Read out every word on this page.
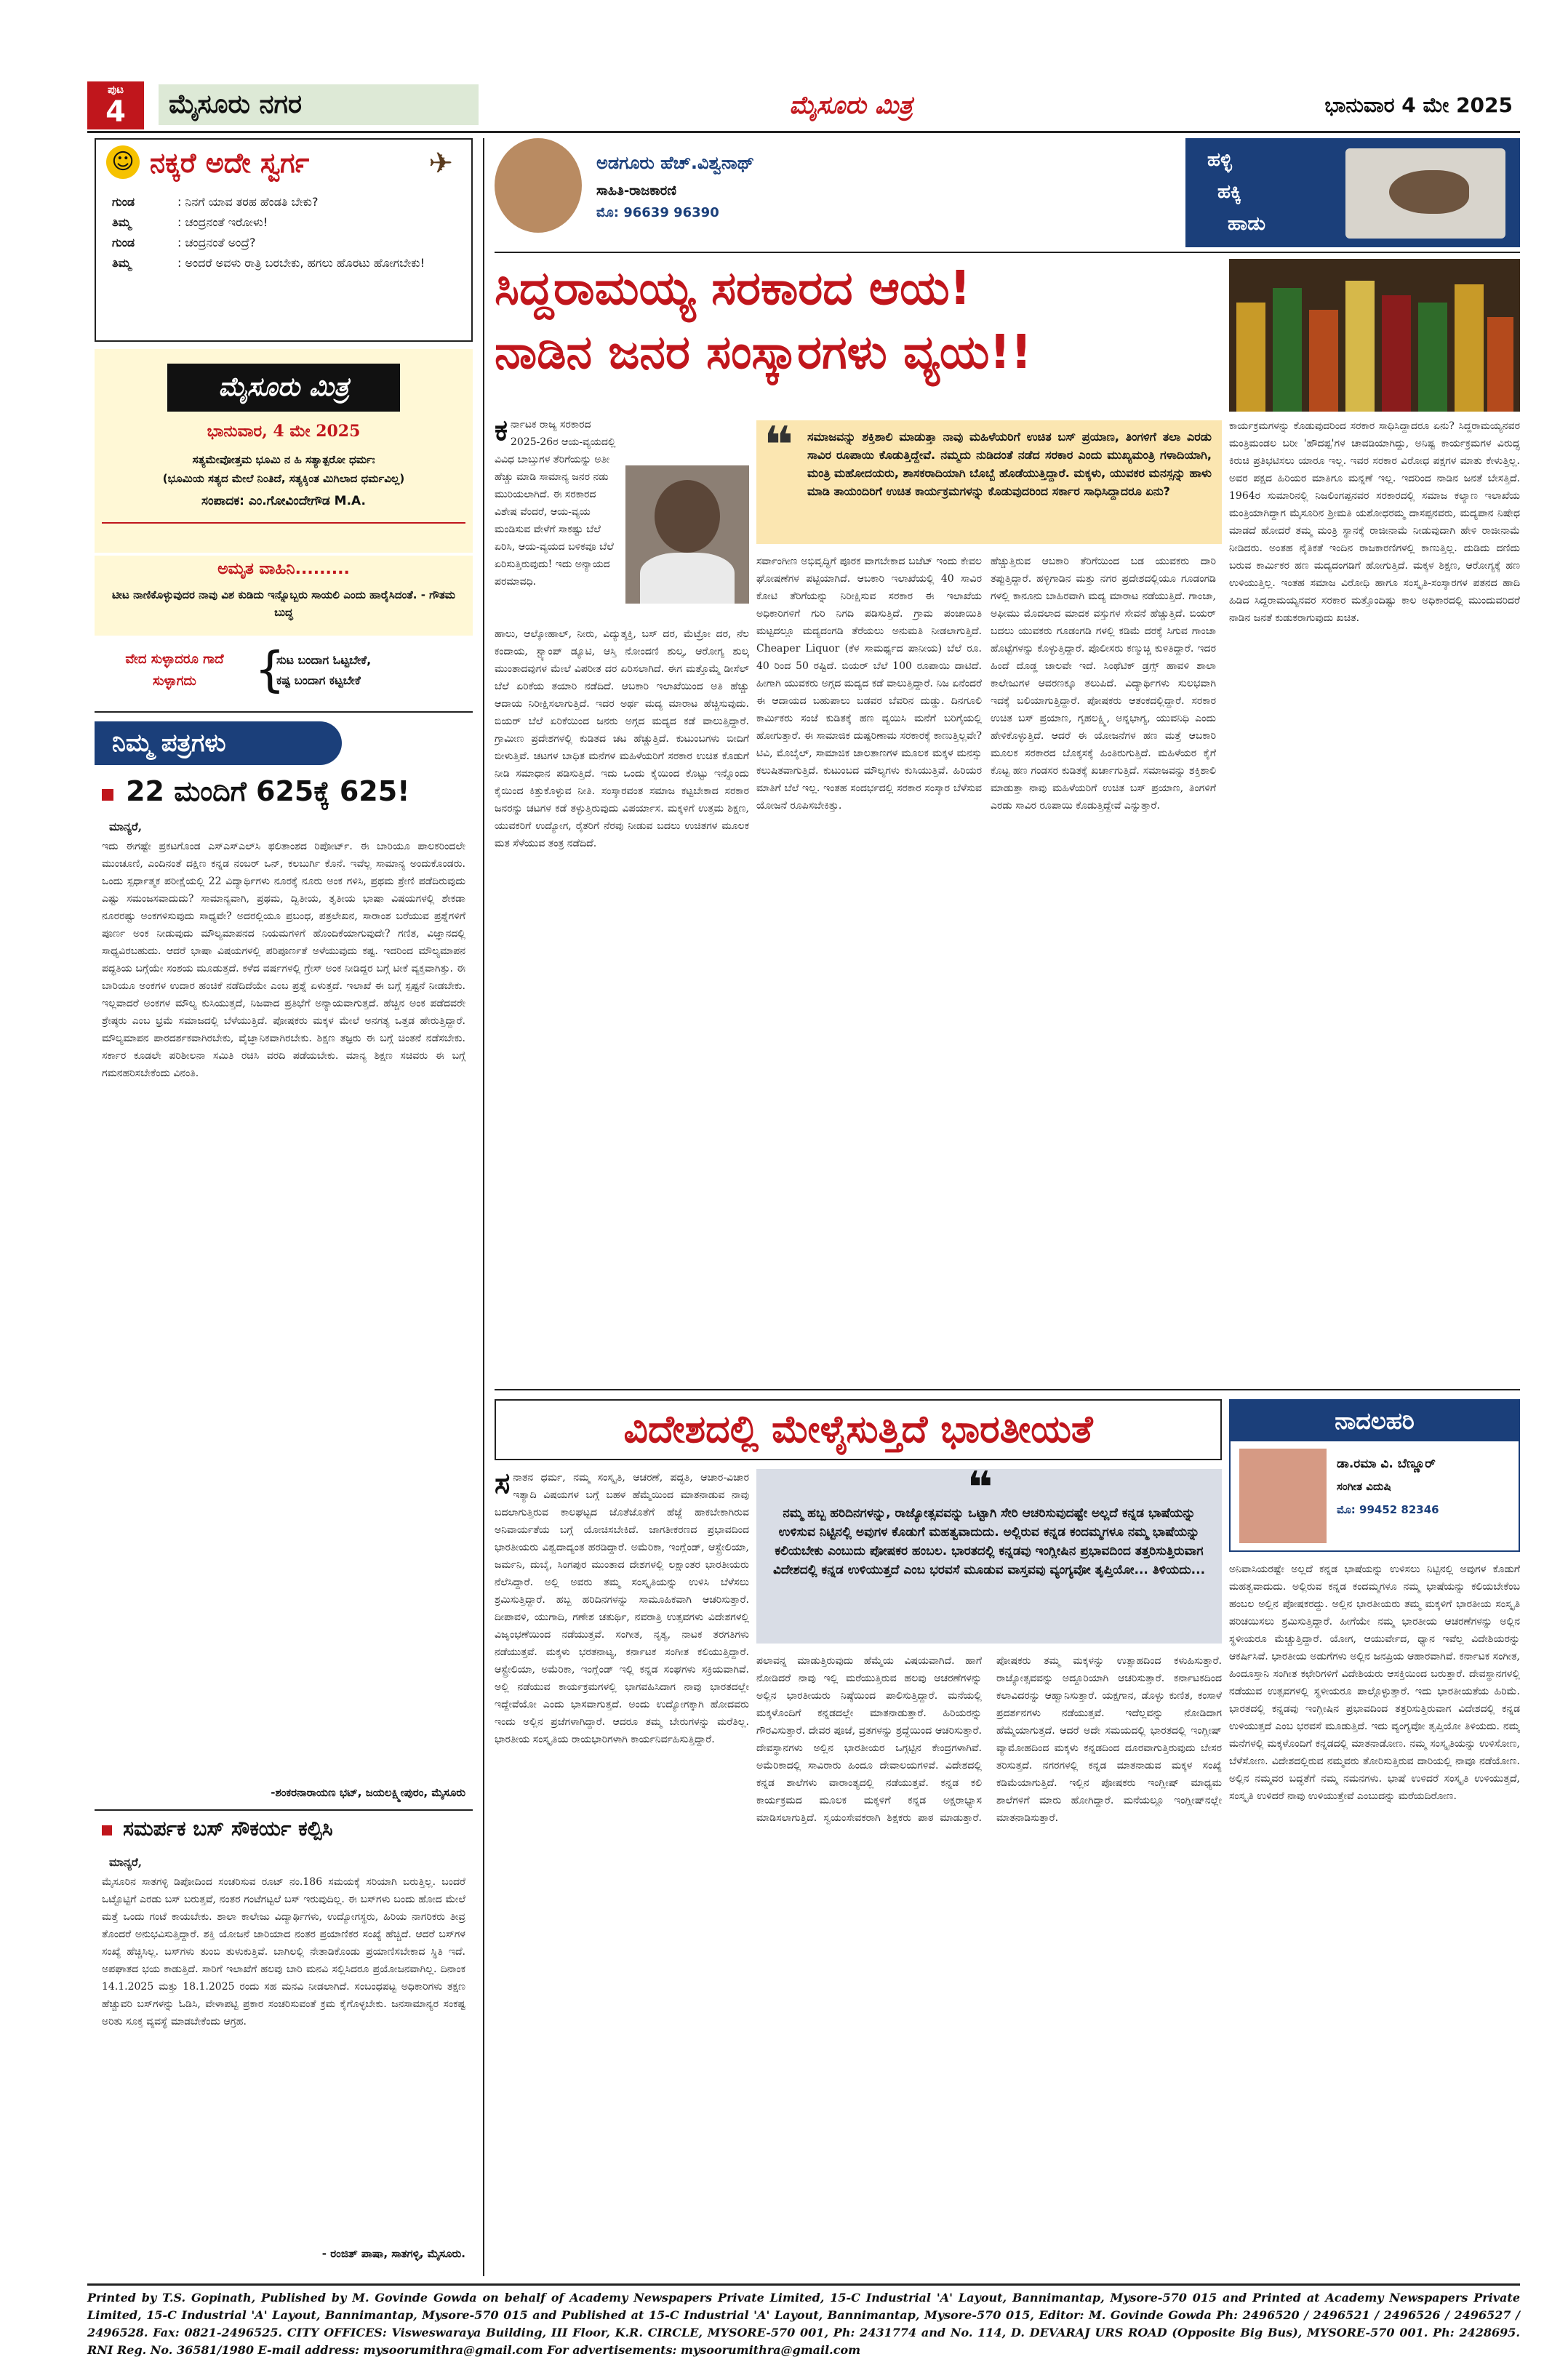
ಪುಟ
4	ಮೈಸೂರು ನಗರ	ಮೈಸೂರು ಮಿತ್ರ	ಭಾನುವಾರ 4 ಮೇ 2025
☺ ನಕ್ಕರೆ ಅದೇ ಸ್ವರ್ಗ	✈
ಗುಂಡ	: ನಿನಗೆ ಯಾವ ತರಹ ಹೆಂಡತಿ ಬೇಕು?
ತಿಮ್ಮ	: ಚಂದ್ರನಂತೆ ಇರೋಳು!
ಗುಂಡ	: ಚಂದ್ರನಂತೆ ಅಂದ್ರೆ?
ತಿಮ್ಮ	: ಅಂದರೆ ಅವಳು ರಾತ್ರಿ ಬರಬೇಕು, ಹಗಲು ಹೊರಟು ಹೋಗಬೇಕು!
ಮೈಸೂರು ಮಿತ್ರ
ಭಾನುವಾರ, 4 ಮೇ 2025
ಸತ್ಯಮೇವೋತ್ತಮ ಭೂಮಿ ನ ಹಿ ಸತ್ಯಾತ್ಪರೋ ಧರ್ಮಃ
(ಭೂಮಿಯ ಸತ್ಯದ ಮೇಲೆ ನಿಂತಿದೆ, ಸತ್ಯಕ್ಕಿಂತ ಮಿಗಿಲಾದ ಧರ್ಮವಿಲ್ಲ)
ಸಂಪಾದಕ: ಎಂ.ಗೋವಿಂದೇಗೌಡ M.A.
ಅಮೃತ ವಾಹಿನಿ.........
ಟೀಟ ನಾಣಿಕೊಳ್ಳುವುದರ ನಾವು ವಿಶ ಕುಡಿದು ಇನ್ನೊಬ್ಬರು ಸಾಯಲಿ ಎಂದು ಹಾರೈಸಿದಂತೆ. - ಗೌತಮ ಬುದ್ಧ
ವೇದ ಸುಳ್ಳಾದರೂ ಗಾದೆ ಸುಳ್ಳಾಗದು	{
ಸುಟ ಬಂದಾಗ ಓಟ್ಟಬೇಕೆ,
ಕಷ್ಟ ಬಂದಾಗ ಕಟ್ಟಬೇಕೆ
ನಿಮ್ಮ ಪತ್ರಗಳು
22 ಮಂದಿಗೆ 625ಕ್ಕೆ 625!
ಮಾನ್ಯರೆ,
ಇದು ಈಗಷ್ಟೇ ಪ್ರಕಟಗೊಂಡ ಎಸ್‌ಎಸ್‌ಎಲ್‌ಸಿ ಫಲಿತಾಂಶದ ರಿಪೋರ್ಟ್. ಈ ಬಾರಿಯೂ ಪಾಲಕರಿಂದಲೇ ಮುಂಚೂಣಿ, ಎಂದಿನಂತೆ ದಕ್ಷಿಣ ಕನ್ನಡ ನಂಬರ್ ಒನ್, ಕಲಬುರ್ಗಿ ಕೊನೆ. ಇವೆಲ್ಲ ಸಾಮಾನ್ಯ ಅಂದುಕೊಂಡರು. ಒಂದು ಸ್ಪರ್ಧಾತ್ಮಕ ಪರೀಕ್ಷೆಯಲ್ಲಿ 22 ವಿದ್ಯಾರ್ಥಿಗಳು ನೂರಕ್ಕೆ ನೂರು ಅಂಕ ಗಳಿಸಿ, ಪ್ರಥಮ ಶ್ರೇಣಿ ಪಡೆದಿರುವುದು ಎಷ್ಟು ಸಮಂಜಸವಾದುದು? ಸಾಮಾನ್ಯವಾಗಿ, ಪ್ರಥಮ, ದ್ವಿತೀಯ, ತೃತೀಯ ಭಾಷಾ ವಿಷಯಗಳಲ್ಲಿ ಶೇಕಡಾ ನೂರರಷ್ಟು ಅಂಕಗಳಿಸುವುದು ಸಾಧ್ಯವೇ? ಅದರಲ್ಲಿಯೂ ಪ್ರಬಂಧ, ಪತ್ರಲೇಖನ, ಸಾರಾಂಶ ಬರೆಯುವ ಪ್ರಶ್ನೆಗಳಿಗೆ ಪೂರ್ಣ ಅಂಕ ನೀಡುವುದು ಮೌಲ್ಯಮಾಪನದ ನಿಯಮಗಳಿಗೆ ಹೊಂದಿಕೆಯಾಗುವುದೇ? ಗಣಿತ, ವಿಜ್ಞಾನದಲ್ಲಿ ಸಾಧ್ಯವಿರಬಹುದು. ಆದರೆ ಭಾಷಾ ವಿಷಯಗಳಲ್ಲಿ ಪರಿಪೂರ್ಣತೆ ಅಳೆಯುವುದು ಕಷ್ಟ. ಇದರಿಂದ ಮೌಲ್ಯಮಾಪನ ಪದ್ಧತಿಯ ಬಗ್ಗೆಯೇ ಸಂಶಯ ಮೂಡುತ್ತದೆ. ಕಳೆದ ವರ್ಷಗಳಲ್ಲಿ ಗ್ರೇಸ್ ಅಂಕ ನೀಡಿದ್ದರ ಬಗ್ಗೆ ಟೀಕೆ ವ್ಯಕ್ತವಾಗಿತ್ತು. ಈ ಬಾರಿಯೂ ಅಂಕಗಳ ಉದಾರ ಹಂಚಿಕೆ ನಡೆದಿದೆಯೇ ಎಂಬ ಪ್ರಶ್ನೆ ಏಳುತ್ತದೆ. ಇಲಾಖೆ ಈ ಬಗ್ಗೆ ಸ್ಪಷ್ಟನೆ ನೀಡಬೇಕು. ಇಲ್ಲವಾದರೆ ಅಂಕಗಳ ಮೌಲ್ಯ ಕುಸಿಯುತ್ತದೆ, ನಿಜವಾದ ಪ್ರತಿಭೆಗೆ ಅನ್ಯಾಯವಾಗುತ್ತದೆ. ಹೆಚ್ಚಿನ ಅಂಕ ಪಡೆದವರೇ ಶ್ರೇಷ್ಠರು ಎಂಬ ಭ್ರಮೆ ಸಮಾಜದಲ್ಲಿ ಬೆಳೆಯುತ್ತಿದೆ. ಪೋಷಕರು ಮಕ್ಕಳ ಮೇಲೆ ಅನಗತ್ಯ ಒತ್ತಡ ಹೇರುತ್ತಿದ್ದಾರೆ. ಮೌಲ್ಯಮಾಪನ ಪಾರದರ್ಶಕವಾಗಿರಬೇಕು, ವೈಜ್ಞಾನಿಕವಾಗಿರಬೇಕು. ಶಿಕ್ಷಣ ತಜ್ಞರು ಈ ಬಗ್ಗೆ ಚಿಂತನೆ ನಡೆಸಬೇಕು. ಸರ್ಕಾರ ಕೂಡಲೇ ಪರಿಶೀಲನಾ ಸಮಿತಿ ರಚಿಸಿ ವರದಿ ಪಡೆಯಬೇಕು. ಮಾನ್ಯ ಶಿಕ್ಷಣ ಸಚಿವರು ಈ ಬಗ್ಗೆ ಗಮನಹರಿಸಬೇಕೆಂದು ವಿನಂತಿ.
-ಶಂಕರನಾರಾಯಣ ಭಟ್, ಜಯಲಕ್ಷ್ಮೀಪುರಂ, ಮೈಸೂರು
ಸಮರ್ಪಕ ಬಸ್ ಸೌಕರ್ಯ ಕಲ್ಪಿಸಿ
ಮಾನ್ಯರೆ,
ಮೈಸೂರಿನ ಸಾತಗಳ್ಳಿ ಡಿಪೋದಿಂದ ಸಂಚರಿಸುವ ರೂಟ್ ನಂ.186 ಸಮಯಕ್ಕೆ ಸರಿಯಾಗಿ ಬರುತ್ತಿಲ್ಲ. ಬಂದರೆ ಒಟ್ಟೊಟ್ಟಿಗೆ ಎರಡು ಬಸ್ ಬರುತ್ತವೆ, ನಂತರ ಗಂಟೆಗಟ್ಟಲೆ ಬಸ್ ಇರುವುದಿಲ್ಲ. ಈ ಬಸ್‌ಗಳು ಬಂದು ಹೋದ ಮೇಲೆ ಮತ್ತೆ ಒಂದು ಗಂಟೆ ಕಾಯಬೇಕು. ಶಾಲಾ ಕಾಲೇಜು ವಿದ್ಯಾರ್ಥಿಗಳು, ಉದ್ಯೋಗಸ್ಥರು, ಹಿರಿಯ ನಾಗರಿಕರು ತೀವ್ರ ತೊಂದರೆ ಅನುಭವಿಸುತ್ತಿದ್ದಾರೆ. ಶಕ್ತಿ ಯೋಜನೆ ಜಾರಿಯಾದ ನಂತರ ಪ್ರಯಾಣಿಕರ ಸಂಖ್ಯೆ ಹೆಚ್ಚಿದೆ. ಆದರೆ ಬಸ್‌ಗಳ ಸಂಖ್ಯೆ ಹೆಚ್ಚಿಸಿಲ್ಲ. ಬಸ್‌ಗಳು ತುಂಬಿ ತುಳುಕುತ್ತಿವೆ. ಬಾಗಿಲಲ್ಲಿ ನೇತಾಡಿಕೊಂಡು ಪ್ರಯಾಣಿಸಬೇಕಾದ ಸ್ಥಿತಿ ಇದೆ. ಅಪಘಾತದ ಭಯ ಕಾಡುತ್ತಿದೆ. ಸಾರಿಗೆ ಇಲಾಖೆಗೆ ಹಲವು ಬಾರಿ ಮನವಿ ಸಲ್ಲಿಸಿದರೂ ಪ್ರಯೋಜನವಾಗಿಲ್ಲ. ದಿನಾಂಕ 14.1.2025 ಮತ್ತು 18.1.2025 ರಂದು ಸಹ ಮನವಿ ನೀಡಲಾಗಿದೆ. ಸಂಬಂಧಪಟ್ಟ ಅಧಿಕಾರಿಗಳು ತಕ್ಷಣ ಹೆಚ್ಚುವರಿ ಬಸ್‌ಗಳನ್ನು ಓಡಿಸಿ, ವೇಳಾಪಟ್ಟಿ ಪ್ರಕಾರ ಸಂಚರಿಸುವಂತೆ ಕ್ರಮ ಕೈಗೊಳ್ಳಬೇಕು. ಜನಸಾಮಾನ್ಯರ ಸಂಕಷ್ಟ ಅರಿತು ಸೂಕ್ತ ವ್ಯವಸ್ಥೆ ಮಾಡಬೇಕೆಂದು ಆಗ್ರಹ.
- ರಂಜಿತ್ ಪಾಷಾ, ಸಾತಗಳ್ಳಿ, ಮೈಸೂರು.
ಅಡಗೂರು ಹೆಚ್.ವಿಶ್ವನಾಥ್
ಸಾಹಿತಿ-ರಾಜಕಾರಣಿ
ಮೊ: 96639 96390
ಹಳ್ಳಿ
ಹಕ್ಕಿ
ಹಾಡು
ಸಿದ್ದರಾಮಯ್ಯ ಸರಕಾರದ ಆಯ!
ನಾಡಿನ ಜನರ ಸಂಸ್ಕಾರಗಳು ವ್ಯಯ!!
❝ ಸಮಾಜವನ್ನು ಶಕ್ತಿಶಾಲಿ ಮಾಡುತ್ತಾ ನಾವು ಮಹಿಳೆಯರಿಗೆ ಉಚಿತ ಬಸ್ ಪ್ರಯಾಣ, ತಿಂಗಳಿಗೆ ತಲಾ ಎರಡು ಸಾವಿರ ರೂಪಾಯಿ ಕೊಡುತ್ತಿದ್ದೇವೆ. ನಮ್ಮದು ನುಡಿದಂತೆ ನಡೆದ ಸರಕಾರ ಎಂದು ಮುಖ್ಯಮಂತ್ರಿ ಗಳಾದಿಯಾಗಿ, ಮಂತ್ರಿ ಮಹೋದಯರು, ಶಾಸಕರಾದಿಯಾಗಿ ಬೊಬ್ಬೆ ಹೊಡೆಯುತ್ತಿದ್ದಾರೆ. ಮಕ್ಕಳು, ಯುವಕರ ಮನಸ್ಸನ್ನು ಹಾಳು ಮಾಡಿ ತಾಯಂದಿರಿಗೆ ಉಚಿತ ಕಾರ್ಯಕ್ರಮಗಳನ್ನು ಕೊಡುವುದರಿಂದ ಸರ್ಕಾರ ಸಾಧಿಸಿದ್ದಾದರೂ ಏನು?
ಕರ್ನಾಟಕ ರಾಜ್ಯ ಸರಕಾರದ 2025-26ರ ಆಯ-ವ್ಯಯದಲ್ಲಿ ವಿವಿಧ ಬಾಬ್ತುಗಳ ತೆರಿಗೆಯನ್ನು ಅತೀ ಹೆಚ್ಚು ಮಾಡಿ ಸಾಮಾನ್ಯ ಜನರ ನಡು ಮುರಿಯಲಾಗಿದೆ. ಈ ಸರಕಾರದ ವಿಶೇಷ ವೆಂದರೆ, ಆಯ-ವ್ಯಯ ಮಂಡಿಸುವ ವೇಳೆಗೆ ಸಾಕಷ್ಟು ಬೆಲೆ ಏರಿಸಿ, ಆಯ-ವ್ಯಯದ ಬಳಿಕವೂ ಬೆಲೆ ಏರಿಸುತ್ತಿರುವುದು! ಇದು ಅನ್ಯಾಯದ ಪರಮಾವಧಿ.
ಹಾಲು, ಆಲ್ಕೋಹಾಲ್, ನೀರು, ವಿದ್ಯುತ್ಶಕ್ತಿ, ಬಸ್ ದರ, ಮೆಟ್ರೋ ದರ, ನೆಲ ಕಂದಾಯ, ಸ್ಟ್ಯಾಂಪ್ ಡ್ಯೂಟಿ, ಆಸ್ತಿ ನೋಂದಣಿ ಶುಲ್ಕ, ಆರೋಗ್ಯ ಶುಲ್ಕ ಮುಂತಾದವುಗಳ ಮೇಲೆ ವಿಪರೀತ ದರ ಏರಿಸಲಾಗಿದೆ. ಈಗ ಮತ್ತೊಮ್ಮೆ ಡೀಸೆಲ್ ಬೆಲೆ ಏರಿಕೆಯ ತಯಾರಿ ನಡೆದಿದೆ. ಆಬಕಾರಿ ಇಲಾಖೆಯಿಂದ ಅತಿ ಹೆಚ್ಚು ಆದಾಯ ನಿರೀಕ್ಷಿಸಲಾಗುತ್ತಿದೆ. ಇದರ ಅರ್ಥ ಮದ್ಯ ಮಾರಾಟ ಹೆಚ್ಚಿಸುವುದು. ಬಿಯರ್ ಬೆಲೆ ಏರಿಕೆಯಿಂದ ಜನರು ಅಗ್ಗದ ಮದ್ಯದ ಕಡೆ ವಾಲುತ್ತಿದ್ದಾರೆ. ಗ್ರಾಮೀಣ ಪ್ರದೇಶಗಳಲ್ಲಿ ಕುಡಿತದ ಚಟ ಹೆಚ್ಚುತ್ತಿದೆ. ಕುಟುಂಬಗಳು ಬೀದಿಗೆ ಬೀಳುತ್ತಿವೆ. ಚಟಗಳ ಬಾಧಿತ ಮನೆಗಳ ಮಹಿಳೆಯರಿಗೆ ಸರಕಾರ ಉಚಿತ ಕೊಡುಗೆ ನೀಡಿ ಸಮಾಧಾನ ಪಡಿಸುತ್ತಿದೆ. ಇದು ಒಂದು ಕೈಯಿಂದ ಕೊಟ್ಟು ಇನ್ನೊಂದು ಕೈಯಿಂದ ಕಿತ್ತುಕೊಳ್ಳುವ ನೀತಿ. ಸಂಸ್ಕಾರವಂತ ಸಮಾಜ ಕಟ್ಟಬೇಕಾದ ಸರಕಾರ ಜನರನ್ನು ಚಟಗಳ ಕಡೆ ತಳ್ಳುತ್ತಿರುವುದು ವಿಪರ್ಯಾಸ. ಮಕ್ಕಳಿಗೆ ಉತ್ತಮ ಶಿಕ್ಷಣ, ಯುವಕರಿಗೆ ಉದ್ಯೋಗ, ರೈತರಿಗೆ ನೆರವು ನೀಡುವ ಬದಲು ಉಚಿತಗಳ ಮೂಲಕ ಮತ ಸೆಳೆಯುವ ತಂತ್ರ ನಡೆದಿದೆ.
ಸರ್ವಾಂಗೀಣ ಅಭಿವೃದ್ಧಿಗೆ ಪೂರಕ ವಾಗಬೇಕಾದ ಬಜೆಟ್ ಇಂದು ಕೇವಲ ಘೋಷಣೆಗಳ ಪಟ್ಟಿಯಾಗಿದೆ. ಆಬಕಾರಿ ಇಲಾಖೆಯಲ್ಲಿ 40 ಸಾವಿರ ಕೋಟಿ ತೆರಿಗೆಯನ್ನು ನಿರೀಕ್ಷಿಸುವ ಸರಕಾರ ಈ ಇಲಾಖೆಯ ಅಧಿಕಾರಿಗಳಿಗೆ ಗುರಿ ನಿಗದಿ ಪಡಿಸುತ್ತಿದೆ. ಗ್ರಾಮ ಪಂಚಾಯಿತಿ ಮಟ್ಟದಲ್ಲೂ ಮದ್ಯದಂಗಡಿ ತೆರೆಯಲು ಅನುಮತಿ ನೀಡಲಾಗುತ್ತಿದೆ. Cheaper Liquor (ಕೆಳ ಸಾಮರ್ಥ್ಯದ ಪಾನೀಯ) ಬೆಲೆ ರೂ. 40 ರಿಂದ 50 ರಷ್ಟಿದೆ. ಬಿಯರ್ ಬೆಲೆ 100 ರೂಪಾಯಿ ದಾಟಿದೆ. ಹೀಗಾಗಿ ಯುವಕರು ಅಗ್ಗದ ಮದ್ಯದ ಕಡೆ ವಾಲುತ್ತಿದ್ದಾರೆ. ನಿಜ ಏನೆಂದರೆ ಈ ಆದಾಯದ ಬಹುಪಾಲು ಬಡವರ ಬೆವರಿನ ದುಡ್ಡು. ದಿನಗೂಲಿ ಕಾರ್ಮಿಕರು ಸಂಜೆ ಕುಡಿತಕ್ಕೆ ಹಣ ವ್ಯಯಿಸಿ ಮನೆಗೆ ಬರಿಗೈಯಲ್ಲಿ ಹೋಗುತ್ತಾರೆ. ಈ ಸಾಮಾಜಿಕ ದುಷ್ಪರಿಣಾಮ ಸರಕಾರಕ್ಕೆ ಕಾಣುತ್ತಿಲ್ಲವೇ? ಟಿವಿ, ಮೊಬೈಲ್, ಸಾಮಾಜಿಕ ಜಾಲತಾಣಗಳ ಮೂಲಕ ಮಕ್ಕಳ ಮನಸ್ಸು ಕಲುಷಿತವಾಗುತ್ತಿದೆ. ಕುಟುಂಬದ ಮೌಲ್ಯಗಳು ಕುಸಿಯುತ್ತಿವೆ. ಹಿರಿಯರ ಮಾತಿಗೆ ಬೆಲೆ ಇಲ್ಲ. ಇಂತಹ ಸಂದರ್ಭದಲ್ಲಿ ಸರಕಾರ ಸಂಸ್ಕಾರ ಬೆಳೆಸುವ ಯೋಜನೆ ರೂಪಿಸಬೇಕಿತ್ತು.
ಹೆಚ್ಚುತ್ತಿರುವ ಆಬಕಾರಿ ತೆರಿಗೆಯಿಂದ ಬಡ ಯುವಕರು ದಾರಿ ತಪ್ಪುತ್ತಿದ್ದಾರೆ. ಹಳ್ಳಿಗಾಡಿನ ಮತ್ತು ನಗರ ಪ್ರದೇಶದಲ್ಲಿಯೂ ಗೂಡಂಗಡಿ ಗಳಲ್ಲಿ ಕಾನೂನು ಬಾಹಿರವಾಗಿ ಮದ್ಯ ಮಾರಾಟ ನಡೆಯುತ್ತಿದೆ. ಗಾಂಜಾ, ಅಫೀಮು ಮೊದಲಾದ ಮಾದಕ ವಸ್ತುಗಳ ಸೇವನೆ ಹೆಚ್ಚುತ್ತಿದೆ. ಬಿಯರ್ ಬದಲು ಯುವಕರು ಗೂಡಂಗಡಿ ಗಳಲ್ಲಿ ಕಡಿಮೆ ದರಕ್ಕೆ ಸಿಗುವ ಗಾಂಜಾ ಹೊಟ್ಟೆಗಳನ್ನು ಕೊಳ್ಳುತ್ತಿದ್ದಾರೆ. ಪೊಲೀಸರು ಕಣ್ಮುಚ್ಚಿ ಕುಳಿತಿದ್ದಾರೆ. ಇದರ ಹಿಂದೆ ದೊಡ್ಡ ಜಾಲವೇ ಇದೆ. ಸಿಂಥೆಟಿಕ್ ಡ್ರಗ್ಸ್ ಹಾವಳಿ ಶಾಲಾ ಕಾಲೇಜುಗಳ ಆವರಣಕ್ಕೂ ತಲುಪಿದೆ. ವಿದ್ಯಾರ್ಥಿಗಳು ಸುಲಭವಾಗಿ ಇದಕ್ಕೆ ಬಲಿಯಾಗುತ್ತಿದ್ದಾರೆ. ಪೋಷಕರು ಆತಂಕದಲ್ಲಿದ್ದಾರೆ. ಸರಕಾರ ಉಚಿತ ಬಸ್ ಪ್ರಯಾಣ, ಗೃಹಲಕ್ಷ್ಮಿ, ಅನ್ನಭಾಗ್ಯ, ಯುವನಿಧಿ ಎಂದು ಹೇಳಿಕೊಳ್ಳುತ್ತಿದೆ. ಆದರೆ ಈ ಯೋಜನೆಗಳ ಹಣ ಮತ್ತೆ ಆಬಕಾರಿ ಮೂಲಕ ಸರಕಾರದ ಬೊಕ್ಕಸಕ್ಕೆ ಹಿಂತಿರುಗುತ್ತಿದೆ. ಮಹಿಳೆಯರ ಕೈಗೆ ಕೊಟ್ಟ ಹಣ ಗಂಡಸರ ಕುಡಿತಕ್ಕೆ ಖರ್ಚಾಗುತ್ತಿದೆ. ಸಮಾಜವನ್ನು ಶಕ್ತಿಶಾಲಿ ಮಾಡುತ್ತಾ ನಾವು ಮಹಿಳೆಯರಿಗೆ ಉಚಿತ ಬಸ್ ಪ್ರಯಾಣ, ತಿಂಗಳಿಗೆ ಎರಡು ಸಾವಿರ ರೂಪಾಯಿ ಕೊಡುತ್ತಿದ್ದೇವೆ ಎನ್ನುತ್ತಾರೆ.
ಕಾರ್ಯಕ್ರಮಗಳನ್ನು ಕೊಡುವುದರಿಂದ ಸರಕಾರ ಸಾಧಿಸಿದ್ದಾದರೂ ಏನು? ಸಿದ್ದರಾಮಯ್ಯನವರ ಮಂತ್ರಿಮಂಡಲ ಬರೀ 'ಹೌದಪ್ಪ'ಗಳ ಚಾವಡಿಯಾಗಿದ್ದು, ಅನಿಷ್ಟ ಕಾರ್ಯಕ್ರಮಗಳ ವಿರುದ್ಧ ಕಿರುಚಿ ಪ್ರತಿಭಟಿಸಲು ಯಾರೂ ಇಲ್ಲ. ಇವರ ಸರಕಾರ ವಿರೋಧ ಪಕ್ಷಗಳ ಮಾತು ಕೇಳುತ್ತಿಲ್ಲ. ಅವರ ಪಕ್ಷದ ಹಿರಿಯರ ಮಾತಿಗೂ ಮನ್ನಣೆ ಇಲ್ಲ. ಇದರಿಂದ ನಾಡಿನ ಜನತೆ ಬೇಸತ್ತಿದೆ. 1964ರ ಸುಮಾರಿನಲ್ಲಿ ನಿಜಲಿಂಗಪ್ಪನವರ ಸರಕಾರದಲ್ಲಿ ಸಮಾಜ ಕಲ್ಯಾಣ ಇಲಾಖೆಯ ಮಂತ್ರಿಯಾಗಿದ್ದಾಗ ಮೈಸೂರಿನ ಶ್ರೀಮತಿ ಯಶೋಧರಮ್ಮ ದಾಸಪ್ಪನವರು, ಮದ್ಯಪಾನ ನಿಷೇಧ ಮಾಡದೆ ಹೋದರೆ ತಮ್ಮ ಮಂತ್ರಿ ಸ್ಥಾನಕ್ಕೆ ರಾಜೀನಾಮೆ ನೀಡುವುದಾಗಿ ಹೇಳಿ ರಾಜೀನಾಮೆ ನೀಡಿದರು. ಅಂತಹ ನೈತಿಕತೆ ಇಂದಿನ ರಾಜಕಾರಣಿಗಳಲ್ಲಿ ಕಾಣುತ್ತಿಲ್ಲ. ದುಡಿದು ದಣಿದು ಬರುವ ಕಾರ್ಮಿಕರ ಹಣ ಮದ್ಯದಂಗಡಿಗೆ ಹೋಗುತ್ತಿದೆ. ಮಕ್ಕಳ ಶಿಕ್ಷಣ, ಆರೋಗ್ಯಕ್ಕೆ ಹಣ ಉಳಿಯುತ್ತಿಲ್ಲ. ಇಂತಹ ಸಮಾಜ ವಿರೋಧಿ ಹಾಗೂ ಸಂಸ್ಕೃತಿ-ಸಂಸ್ಕಾರಗಳ ಪತನದ ಹಾದಿ ಹಿಡಿದ ಸಿದ್ದರಾಮಯ್ಯನವರ ಸರಕಾರ ಮತ್ತೊಂದಿಷ್ಟು ಕಾಲ ಅಧಿಕಾರದಲ್ಲಿ ಮುಂದುವರಿದರೆ ನಾಡಿನ ಜನತೆ ಕುಡುಕರಾಗುವುದು ಖಚಿತ.
ವಿದೇಶದಲ್ಲಿ ಮೇಳೈಸುತ್ತಿದೆ ಭಾರತೀಯತೆ	ನಾದಲಹರಿ
ಡಾ.ರಮಾ ವಿ. ಬೆಣ್ಣೂರ್
ಸಂಗೀತ ವಿದುಷಿ
ಮೊ: 99452 82346
❝
ನಮ್ಮ ಹಬ್ಬ ಹರಿದಿನಗಳನ್ನು, ರಾಜ್ಯೋತ್ಸವವನ್ನು ಒಟ್ಟಾಗಿ ಸೇರಿ ಆಚರಿಸುವುದಷ್ಟೇ ಅಲ್ಲದೆ ಕನ್ನಡ ಭಾಷೆಯನ್ನು ಉಳಿಸುವ ನಿಟ್ಟಿನಲ್ಲಿ ಅವುಗಳ ಕೊಡುಗೆ ಮಹತ್ವವಾದುದು. ಅಲ್ಲಿರುವ ಕನ್ನಡ ಕಂದಮ್ಮಗಳೂ ನಮ್ಮ ಭಾಷೆಯನ್ನು ಕಲಿಯಬೇಕು ಎಂಬುದು ಪೋಷಕರ ಹಂಬಲ. ಭಾರತದಲ್ಲಿ ಕನ್ನಡವು ಇಂಗ್ಲೀಷಿನ ಪ್ರಭಾವದಿಂದ ತತ್ತರಿಸುತ್ತಿರುವಾಗ ವಿದೇಶದಲ್ಲಿ ಕನ್ನಡ ಉಳಿಯುತ್ತದೆ ಎಂಬ ಭರವಸೆ ಮೂಡುವ ವಾಸ್ತವವು ವ್ಯಂಗ್ಯವೋ ತೃಪ್ತಿಯೋ... ತಿಳಿಯದು...
ಸನಾತನ ಧರ್ಮ, ನಮ್ಮ ಸಂಸ್ಕೃತಿ, ಆಚರಣೆ, ಪದ್ಧತಿ, ಆಚಾರ-ವಿಚಾರ ಇತ್ಯಾದಿ ವಿಷಯಗಳ ಬಗ್ಗೆ ಬಹಳ ಹೆಮ್ಮೆಯಿಂದ ಮಾತನಾಡುವ ನಾವು ಬದಲಾಗುತ್ತಿರುವ ಕಾಲಘಟ್ಟದ ಜೊತೆಜೊತೆಗೆ ಹೆಜ್ಜೆ ಹಾಕಬೇಕಾಗಿರುವ ಅನಿವಾರ್ಯತೆಯ ಬಗ್ಗೆ ಯೋಚಿಸಬೇಕಿದೆ. ಜಾಗತೀಕರಣದ ಪ್ರಭಾವದಿಂದ ಭಾರತೀಯರು ವಿಶ್ವದಾದ್ಯಂತ ಹರಡಿದ್ದಾರೆ. ಅಮೆರಿಕಾ, ಇಂಗ್ಲೆಂಡ್, ಆಸ್ಟ್ರೇಲಿಯಾ, ಜರ್ಮನಿ, ದುಬೈ, ಸಿಂಗಪುರ ಮುಂತಾದ ದೇಶಗಳಲ್ಲಿ ಲಕ್ಷಾಂತರ ಭಾರತೀಯರು ನೆಲೆಸಿದ್ದಾರೆ. ಅಲ್ಲಿ ಅವರು ತಮ್ಮ ಸಂಸ್ಕೃತಿಯನ್ನು ಉಳಿಸಿ ಬೆಳೆಸಲು ಶ್ರಮಿಸುತ್ತಿದ್ದಾರೆ. ಹಬ್ಬ ಹರಿದಿನಗಳನ್ನು ಸಾಮೂಹಿಕವಾಗಿ ಆಚರಿಸುತ್ತಾರೆ. ದೀಪಾವಳಿ, ಯುಗಾದಿ, ಗಣೇಶ ಚತುರ್ಥಿ, ನವರಾತ್ರಿ ಉತ್ಸವಗಳು ವಿದೇಶಗಳಲ್ಲಿ ವಿಜೃಂಭಣೆಯಿಂದ ನಡೆಯುತ್ತವೆ. ಸಂಗೀತ, ನೃತ್ಯ, ನಾಟಕ ತರಗತಿಗಳು ನಡೆಯುತ್ತವೆ. ಮಕ್ಕಳು ಭರತನಾಟ್ಯ, ಕರ್ನಾಟಕ ಸಂಗೀತ ಕಲಿಯುತ್ತಿದ್ದಾರೆ. ಆಸ್ಟ್ರೇಲಿಯಾ, ಅಮೆರಿಕಾ, ಇಂಗ್ಲೆಂಡ್ ಇಲ್ಲಿ ಕನ್ನಡ ಸಂಘಗಳು ಸಕ್ರಿಯವಾಗಿವೆ. ಅಲ್ಲಿ ನಡೆಯುವ ಕಾರ್ಯಕ್ರಮಗಳಲ್ಲಿ ಭಾಗವಹಿಸಿದಾಗ ನಾವು ಭಾರತದಲ್ಲೇ ಇದ್ದೇವೆಯೋ ಎಂದು ಭಾಸವಾಗುತ್ತದೆ. ಅಂದು ಉದ್ಯೋಗಕ್ಕಾಗಿ ಹೋದವರು ಇಂದು ಅಲ್ಲಿನ ಪ್ರಜೆಗಳಾಗಿದ್ದಾರೆ. ಆದರೂ ತಮ್ಮ ಬೇರುಗಳನ್ನು ಮರೆತಿಲ್ಲ. ಭಾರತೀಯ ಸಂಸ್ಕೃತಿಯ ರಾಯಭಾರಿಗಳಾಗಿ ಕಾರ್ಯನಿರ್ವಹಿಸುತ್ತಿದ್ದಾರೆ.
ಪಲಾವನ್ನ ಮಾಡುತ್ತಿರುವುದು ಹೆಮ್ಮೆಯ ವಿಷಯವಾಗಿದೆ. ಹಾಗೆ ನೋಡಿದರೆ ನಾವು ಇಲ್ಲಿ ಮರೆಯುತ್ತಿರುವ ಹಲವು ಆಚರಣೆಗಳನ್ನು ಅಲ್ಲಿನ ಭಾರತೀಯರು ನಿಷ್ಠೆಯಿಂದ ಪಾಲಿಸುತ್ತಿದ್ದಾರೆ. ಮನೆಯಲ್ಲಿ ಮಕ್ಕಳೊಂದಿಗೆ ಕನ್ನಡದಲ್ಲೇ ಮಾತನಾಡುತ್ತಾರೆ. ಹಿರಿಯರನ್ನು ಗೌರವಿಸುತ್ತಾರೆ. ದೇವರ ಪೂಜೆ, ವ್ರತಗಳನ್ನು ಶ್ರದ್ಧೆಯಿಂದ ಆಚರಿಸುತ್ತಾರೆ. ದೇವಸ್ಥಾನಗಳು ಅಲ್ಲಿನ ಭಾರತೀಯರ ಒಗ್ಗಟ್ಟಿನ ಕೇಂದ್ರಗಳಾಗಿವೆ. ಅಮೆರಿಕಾದಲ್ಲಿ ಸಾವಿರಾರು ಹಿಂದೂ ದೇವಾಲಯಗಳಿವೆ. ವಿದೇಶದಲ್ಲಿ ಕನ್ನಡ ಶಾಲೆಗಳು ವಾರಾಂತ್ಯದಲ್ಲಿ ನಡೆಯುತ್ತವೆ. ಕನ್ನಡ ಕಲಿ ಕಾರ್ಯಕ್ರಮದ ಮೂಲಕ ಮಕ್ಕಳಿಗೆ ಕನ್ನಡ ಅಕ್ಷರಾಭ್ಯಾಸ ಮಾಡಿಸಲಾಗುತ್ತಿದೆ. ಸ್ವಯಂಸೇವಕರಾಗಿ ಶಿಕ್ಷಕರು ಪಾಠ ಮಾಡುತ್ತಾರೆ. ಪೋಷಕರು ತಮ್ಮ ಮಕ್ಕಳನ್ನು ಉತ್ಸಾಹದಿಂದ ಕಳುಹಿಸುತ್ತಾರೆ. ರಾಜ್ಯೋತ್ಸವವನ್ನು ಅದ್ದೂರಿಯಾಗಿ ಆಚರಿಸುತ್ತಾರೆ. ಕರ್ನಾಟಕದಿಂದ ಕಲಾವಿದರನ್ನು ಆಹ್ವಾನಿಸುತ್ತಾರೆ. ಯಕ್ಷಗಾನ, ಡೊಳ್ಳು ಕುಣಿತ, ಕಂಸಾಳೆ ಪ್ರದರ್ಶನಗಳು ನಡೆಯುತ್ತವೆ. ಇದೆಲ್ಲವನ್ನು ನೋಡಿದಾಗ ಹೆಮ್ಮೆಯಾಗುತ್ತದೆ. ಆದರೆ ಅದೇ ಸಮಯದಲ್ಲಿ ಭಾರತದಲ್ಲಿ ಇಂಗ್ಲೀಷ್ ವ್ಯಾಮೋಹದಿಂದ ಮಕ್ಕಳು ಕನ್ನಡದಿಂದ ದೂರವಾಗುತ್ತಿರುವುದು ಬೇಸರ ತರಿಸುತ್ತದೆ. ನಗರಗಳಲ್ಲಿ ಕನ್ನಡ ಮಾತನಾಡುವ ಮಕ್ಕಳ ಸಂಖ್ಯೆ ಕಡಿಮೆಯಾಗುತ್ತಿದೆ. ಇಲ್ಲಿನ ಪೋಷಕರು ಇಂಗ್ಲೀಷ್ ಮಾಧ್ಯಮ ಶಾಲೆಗಳಿಗೆ ಮಾರು ಹೋಗಿದ್ದಾರೆ. ಮನೆಯಲ್ಲೂ ಇಂಗ್ಲೀಷ್‌ನಲ್ಲೇ ಮಾತನಾಡಿಸುತ್ತಾರೆ.
ಅನಿವಾಸಿಯರಷ್ಟೇ ಅಲ್ಲದೆ ಕನ್ನಡ ಭಾಷೆಯನ್ನು ಉಳಿಸಲು ನಿಟ್ಟಿನಲ್ಲಿ ಅವುಗಳ ಕೊಡುಗೆ ಮಹತ್ವವಾದುದು. ಅಲ್ಲಿರುವ ಕನ್ನಡ ಕಂದಮ್ಮಗಳೂ ನಮ್ಮ ಭಾಷೆಯನ್ನು ಕಲಿಯಬೇಕೆಂಬ ಹಂಬಲ ಅಲ್ಲಿನ ಪೋಷಕರದ್ದು. ಅಲ್ಲಿನ ಭಾರತೀಯರು ತಮ್ಮ ಮಕ್ಕಳಿಗೆ ಭಾರತೀಯ ಸಂಸ್ಕೃತಿ ಪರಿಚಯಿಸಲು ಶ್ರಮಿಸುತ್ತಿದ್ದಾರೆ. ಹೀಗೆಯೇ ನಮ್ಮ ಭಾರತೀಯ ಆಚರಣೆಗಳನ್ನು ಅಲ್ಲಿನ ಸ್ಥಳೀಯರೂ ಮೆಚ್ಚುತ್ತಿದ್ದಾರೆ. ಯೋಗ, ಆಯುರ್ವೇದ, ಧ್ಯಾನ ಇವೆಲ್ಲ ವಿದೇಶಿಯರನ್ನು ಆಕರ್ಷಿಸಿವೆ. ಭಾರತೀಯ ಅಡುಗೆಗಳು ಅಲ್ಲಿನ ಜನಪ್ರಿಯ ಆಹಾರವಾಗಿವೆ. ಕರ್ನಾಟಕ ಸಂಗೀತ, ಹಿಂದೂಸ್ತಾನಿ ಸಂಗೀತ ಕಛೇರಿಗಳಿಗೆ ವಿದೇಶಿಯರು ಆಸಕ್ತಿಯಿಂದ ಬರುತ್ತಾರೆ. ದೇವಸ್ಥಾನಗಳಲ್ಲಿ ನಡೆಯುವ ಉತ್ಸವಗಳಲ್ಲಿ ಸ್ಥಳೀಯರೂ ಪಾಲ್ಗೊಳ್ಳುತ್ತಾರೆ. ಇದು ಭಾರತೀಯತೆಯ ಹಿರಿಮೆ. ಭಾರತದಲ್ಲಿ ಕನ್ನಡವು ಇಂಗ್ಲೀಷಿನ ಪ್ರಭಾವದಿಂದ ತತ್ತರಿಸುತ್ತಿರುವಾಗ ವಿದೇಶದಲ್ಲಿ ಕನ್ನಡ ಉಳಿಯುತ್ತದೆ ಎಂಬ ಭರವಸೆ ಮೂಡುತ್ತಿದೆ. ಇದು ವ್ಯಂಗ್ಯವೋ ತೃಪ್ತಿಯೋ ತಿಳಿಯದು. ನಮ್ಮ ಮನೆಗಳಲ್ಲಿ ಮಕ್ಕಳೊಂದಿಗೆ ಕನ್ನಡದಲ್ಲಿ ಮಾತನಾಡೋಣ. ನಮ್ಮ ಸಂಸ್ಕೃತಿಯನ್ನು ಉಳಿಸೋಣ, ಬೆಳೆಸೋಣ. ವಿದೇಶದಲ್ಲಿರುವ ನಮ್ಮವರು ತೋರಿಸುತ್ತಿರುವ ದಾರಿಯಲ್ಲಿ ನಾವೂ ನಡೆಯೋಣ. ಅಲ್ಲಿನ ನಮ್ಮವರ ಬದ್ಧತೆಗೆ ನಮ್ಮ ನಮನಗಳು. ಭಾಷೆ ಉಳಿದರೆ ಸಂಸ್ಕೃತಿ ಉಳಿಯುತ್ತದೆ, ಸಂಸ್ಕೃತಿ ಉಳಿದರೆ ನಾವು ಉಳಿಯುತ್ತೇವೆ ಎಂಬುದನ್ನು ಮರೆಯದಿರೋಣ.
Printed by T.S. Gopinath, Published by M. Govinde Gowda on behalf of Academy Newspapers Private Limited, 15-C Industrial 'A' Layout, Bannimantap, Mysore-570 015 and Printed at Academy Newspapers Private Limited, 15-C Industrial 'A' Layout, Bannimantap, Mysore-570 015 and Published at 15-C Industrial 'A' Layout, Bannimantap, Mysore-570 015, Editor: M. Govinde Gowda Ph: 2496520 / 2496521 / 2496526 / 2496527 / 2496528. Fax: 0821-2496525. CITY OFFICES: Visweswaraya Building, III Floor, K.R. CIRCLE, MYSORE-570 001, Ph: 2431774 and No. 114, D. DEVARAJ URS ROAD (Opposite Big Bus), MYSORE-570 001. Ph: 2428695. RNI Reg. No. 36581/1980 E-mail address: mysoorumithra@gmail.com For advertisements: mysoorumithra@gmail.com
